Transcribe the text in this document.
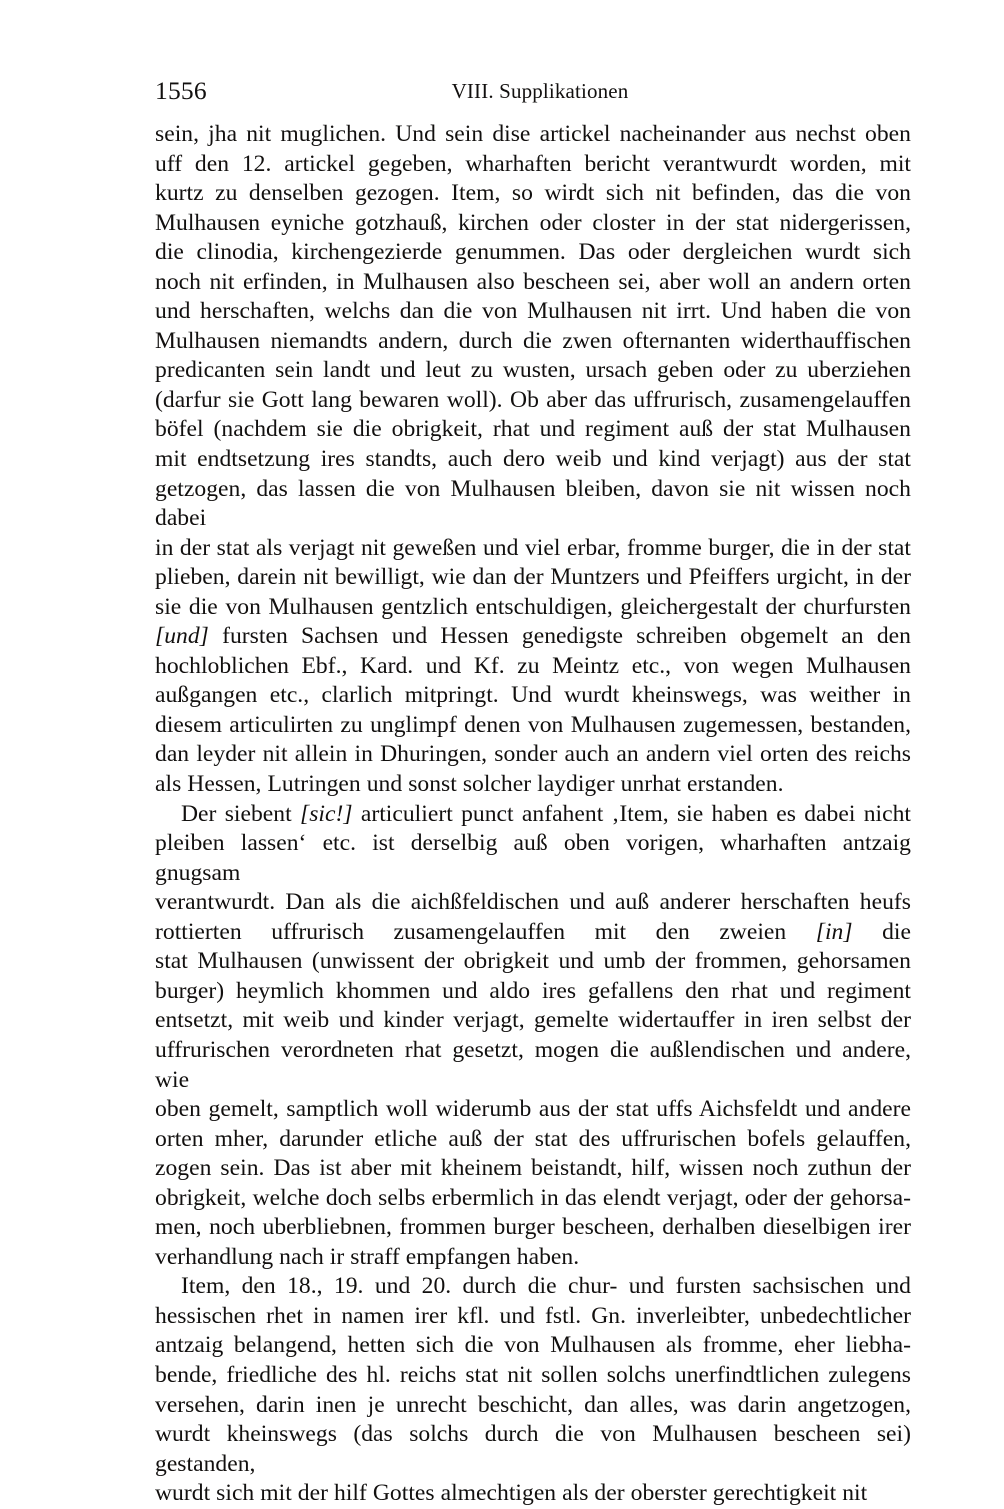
1556	VIII. Supplikationen

sein, jha nit muglichen. Und sein dise artickel nacheinander aus nechst oben
uff den 12. artickel gegeben, wharhaften bericht verantwurdt worden, mit
kurtz zu denselben gezogen. Item, so wirdt sich nit befinden, das die von
Mulhausen eyniche gotzhauß, kirchen oder closter in der stat nidergerissen,
die clinodia, kirchengezierde genummen. Das oder dergleichen wurdt sich
noch nit erfinden, in Mulhausen also bescheen sei, aber woll an andern orten
und herschaften, welchs dan die von Mulhausen nit irrt. Und haben die von
Mulhausen niemandts andern, durch die zwen ofternanten widerthauffischen
predicanten sein landt und leut zu wusten, ursach geben oder zu uberziehen
(darfur sie Gott lang bewaren woll). Ob aber das uffrurisch, zusamengelauffen
böfel (nachdem sie die obrigkeit, rhat und regiment auß der stat Mulhausen
mit endtsetzung ires standts, auch dero weib und kind verjagt) aus der stat
getzogen, das lassen die von Mulhausen bleiben, davon sie nit wissen noch dabei
in der stat als verjagt nit geweßen und viel erbar, fromme burger, die in der stat
plieben, darein nit bewilligt, wie dan der Muntzers und Pfeiffers urgicht, in der
sie die von Mulhausen gentzlich entschuldigen, gleichergestalt der churfursten
[und] fursten Sachsen und Hessen genedigste schreiben obgemelt an den
hochloblichen Ebf., Kard. und Kf. zu Meintz etc., von wegen Mulhausen
außgangen etc., clarlich mitpringt. Und wurdt kheinswegs, was weither in
diesem articulirten zu unglimpf denen von Mulhausen zugemessen, bestanden,
dan leyder nit allein in Dhuringen, sonder auch an andern viel orten des reichs
als Hessen, Lutringen und sonst solcher laydiger unrhat erstanden.

Der siebent [sic!] articuliert punct anfahent ‚Item, sie haben es dabei nicht
pleiben lassen‘ etc. ist derselbig auß oben vorigen, wharhaften antzaig gnugsam
verantwurdt. Dan als die aichßfeldischen und auß anderer herschaften heufs
rottierten uffrurisch zusamengelauffen mit den zweien [in] die
stat Mulhausen (unwissent der obrigkeit und umb der frommen, gehorsamen
burger) heymlich khommen und aldo ires gefallens den rhat und regiment
entsetzt, mit weib und kinder verjagt, gemelte widertauffer in iren selbst der
uffrurischen verordneten rhat gesetzt, mogen die außlendischen und andere, wie
oben gemelt, samptlich woll widerumb aus der stat uffs Aichsfeldt und andere
orten mher, darunder etliche auß der stat des uffrurischen bofels gelauffen,
zogen sein. Das ist aber mit kheinem beistandt, hilf, wissen noch zuthun der
obrigkeit, welche doch selbs erbermlich in das elendt verjagt, oder der gehorsa-
men, noch uberbliebnen, frommen burger bescheen, derhalben dieselbigen irer
verhandlung nach ir straff empfangen haben.

Item, den 18., 19. und 20. durch die chur- und fursten sachsischen und
hessischen rhet in namen irer kfl. und fstl. Gn. inverleibter, unbedechtlicher
antzaig belangend, hetten sich die von Mulhausen als fromme, eher liebha-
bende, friedliche des hl. reichs stat nit sollen solchs unerfindtlichen zulegens
versehen, darin inen je unrecht beschicht, dan alles, was darin angetzogen,
wurdt kheinswegs (das solchs durch die von Mulhausen bescheen sei) gestanden,
wurdt sich mit der hilf Gottes almechtigen als der oberster gerechtigkeit nit
